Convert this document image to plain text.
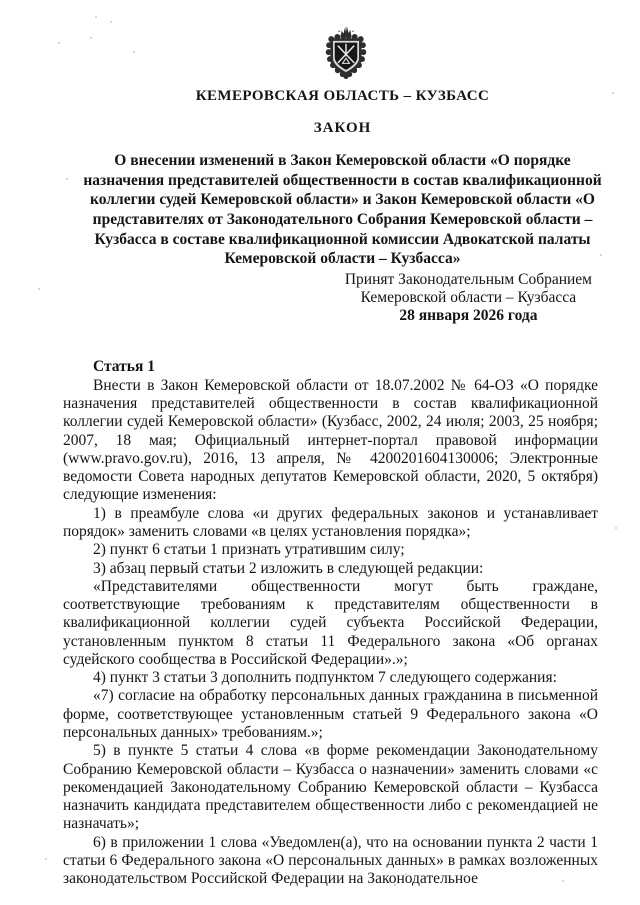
КЕМЕРОВСКАЯ ОБЛАСТЬ – КУЗБАСС
ЗАКОН
О внесении изменений в Закон Кемеровской области «О порядке назначения представителей общественности в состав квалификационной коллегии судей Кемеровской области» и Закон Кемеровской области «О представителях от Законодательного Собрания Кемеровской области – Кузбасса в составе квалификационной комиссии Адвокатской палаты Кемеровской области – Кузбасса»
Принят Законодательным Собранием
Кемеровской области – Кузбасса
28 января 2026 года

Статья 1

Внести в Закон Кемеровской области от 18.07.2002 № 64-ОЗ «О порядке назначения представителей общественности в состав квалификационной коллегии судей Кемеровской области» (Кузбасс, 2002, 24 июля; 2003, 25 ноября; 2007, 18 мая; Официальный интернет-портал правовой информации (www.pravo.gov.ru), 2016, 13 апреля, № 4200201604130006; Электронные ведомости Совета народных депутатов Кемеровской области, 2020, 5 октября) следующие изменения:

1) в преамбуле слова «и других федеральных законов и устанавливает порядок» заменить словами «в целях установления порядка»;

2) пункт 6 статьи 1 признать утратившим силу;

3) абзац первый статьи 2 изложить в следующей редакции:

«Представителями общественности могут быть граждане, соответствующие требованиям к представителям общественности в квалификационной коллегии судей субъекта Российской Федерации, установленным пунктом 8 статьи 11 Федерального закона «Об органах судейского сообщества в Российской Федерации».»;

4) пункт 3 статьи 3 дополнить подпунктом 7 следующего содержания:

«7) согласие на обработку персональных данных гражданина в письменной форме, соответствующее установленным статьей 9 Федерального закона «О персональных данных» требованиям.»;

5) в пункте 5 статьи 4 слова «в форме рекомендации Законодательному Собранию Кемеровской области – Кузбасса о назначении» заменить словами «с рекомендацией Законодательному Собранию Кемеровской области – Кузбасса назначить кандидата представителем общественности либо с рекомендацией не назначать»;

6) в приложении 1 слова «Уведомлен(а), что на основании пункта 2 части 1 статьи 6 Федерального закона «О персональных данных» в рамках возложенных законодательством Российской Федерации на Законодательное
